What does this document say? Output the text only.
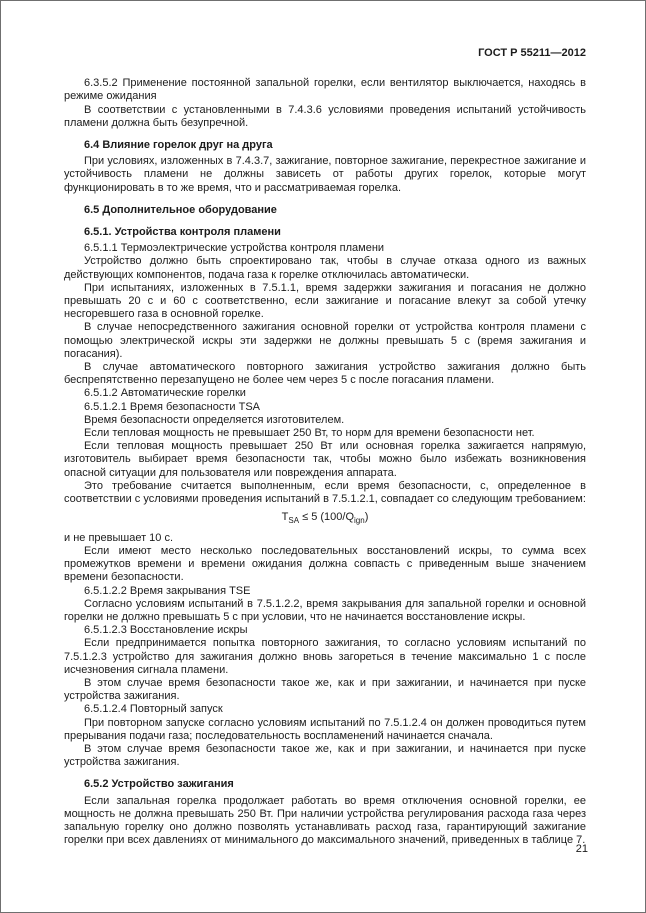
ГОСТ Р 55211—2012

6.3.5.2 Применение постоянной запальной горелки, если вентилятор выключается, находясь в режиме ожидания

В соответствии с установленными в 7.4.3.6 условиями проведения испытаний устойчивость пламени должна быть безупречной.

6.4 Влияние горелок друг на друга

При условиях, изложенных в 7.4.3.7, зажигание, повторное зажигание, перекрестное зажигание и устойчивость пламени не должны зависеть от работы других горелок, которые могут функционировать в то же время, что и рассматриваемая горелка.

6.5 Дополнительное оборудование

6.5.1. Устройства контроля пламени

6.5.1.1 Термоэлектрические устройства контроля пламени

Устройство должно быть спроектировано так, чтобы в случае отказа одного из важных действующих компонентов, подача газа к горелке отключилась автоматически.

При испытаниях, изложенных в 7.5.1.1, время задержки зажигания и погасания не должно превышать 20 с и 60 с соответственно, если зажигание и погасание влекут за собой утечку несгоревшего газа в основной горелке.

В случае непосредственного зажигания основной горелки от устройства контроля пламени с помощью электрической искры эти задержки не должны превышать 5 с (время зажигания и погасания).

В случае автоматического повторного зажигания устройство зажигания должно быть беспрепятственно перезапущено не более чем через 5 с после погасания пламени.

6.5.1.2 Автоматические горелки

6.5.1.2.1 Время безопасности TSA

Время безопасности определяется изготовителем.

Если тепловая мощность не превышает 250 Вт, то норм для времени безопасности нет.

Если тепловая мощность превышает 250 Вт или основная горелка зажигается напрямую, изготовитель выбирает время безопасности так, чтобы можно было избежать возникновения опасной ситуации для пользователя или повреждения аппарата.

Это требование считается выполненным, если время безопасности, с, определенное в соответствии с условиями проведения испытаний в 7.5.1.2.1, совпадает со следующим требованием:

$T_{SA} \le 5$ $(100/Q_{ign})$

и не превышает 10 с.

Если имеют место несколько последовательных восстановлений искры, то сумма всех промежутков времени и времени ожидания должна совпасть с приведенным выше значением времени безопасности.

6.5.1.2.2 Время закрывания TSE

Согласно условиям испытаний в 7.5.1.2.2, время закрывания для запальной горелки и основной горелки не должно превышать 5 с при условии, что не начинается восстановление искры.

6.5.1.2.3 Восстановление искры

Если предпринимается попытка повторного зажигания, то согласно условиям испытаний по 7.5.1.2.3 устройство для зажигания должно вновь загореться в течение максимально 1 с после исчезновения сигнала пламени.

В этом случае время безопасности такое же, как и при зажигании, и начинается при пуске устройства зажигания.

6.5.1.2.4 Повторный запуск

При повторном запуске согласно условиям испытаний по 7.5.1.2.4 он должен проводиться путем прерывания подачи газа; последовательность воспламенений начинается сначала.

В этом случае время безопасности такое же, как и при зажигании, и начинается при пуске устройства зажигания.

6.5.2 Устройство зажигания

Если запальная горелка продолжает работать во время отключения основной горелки, ее мощность не должна превышать 250 Вт. При наличии устройства регулирования расхода газа через запальную горелку оно должно позволять устанавливать расход газа, гарантирующий зажигание горелки при всех давлениях от минимального до максимального значений, приведенных в таблице 7.

21
